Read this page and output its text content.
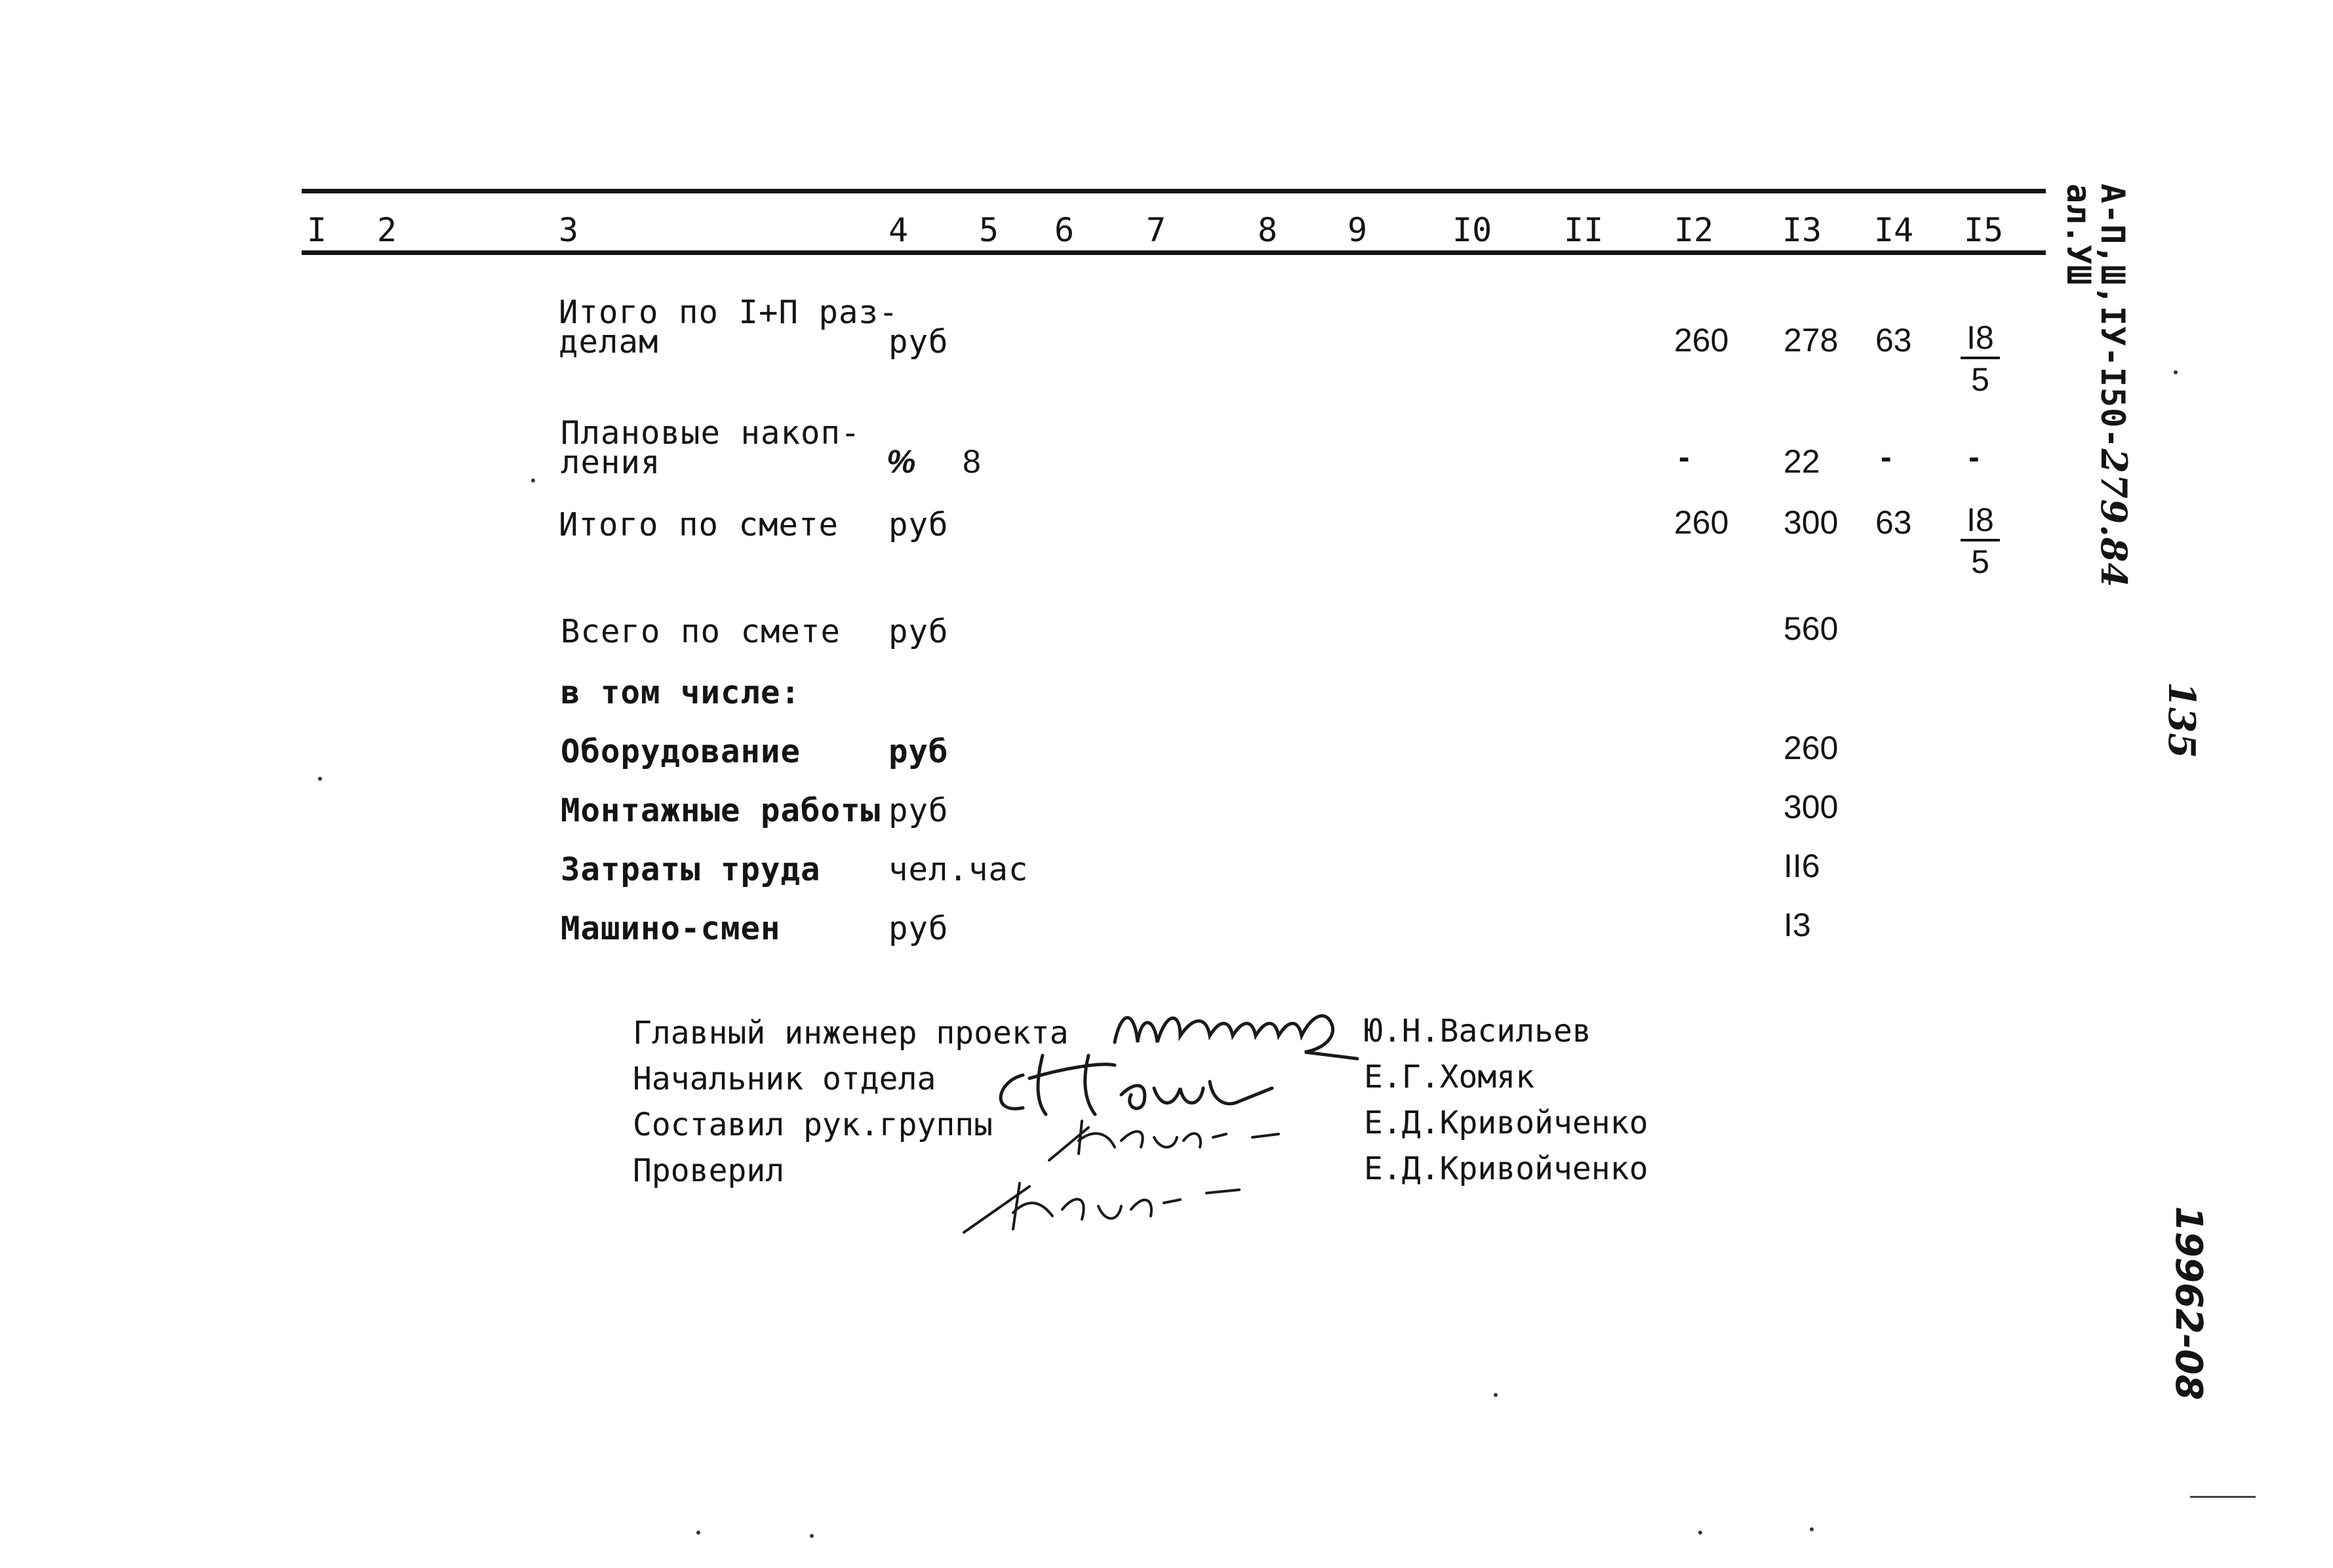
I 2	3	4 5 6 7	8 9	I0 II I2 I3 I4 I5
Итого по I+П раз-
делам	руб	260 278 $63 \frac{I8}{5}$
Плановые накоп-
ления	% 8	-	22 - -
Итого по смете руб	260 300 $63 \frac{I8}{5}$
Всего по смете руб	560
в том числе:
Оборудование	руб	260
Монтажные работы руб	300
Затраты труда чел.час	II6
Машино-смен	руб	I3
Главный инженер проекта	Ю.Н.Васильев
Начальник отдела	Е.Г.Хомяк
Составил рук.группы	Е.Д.Кривойченко
Проверил	Е.Д.Кривойченко
А-П,Ш,IУ-I50-279.84
ал.УШ
135
19962-08
